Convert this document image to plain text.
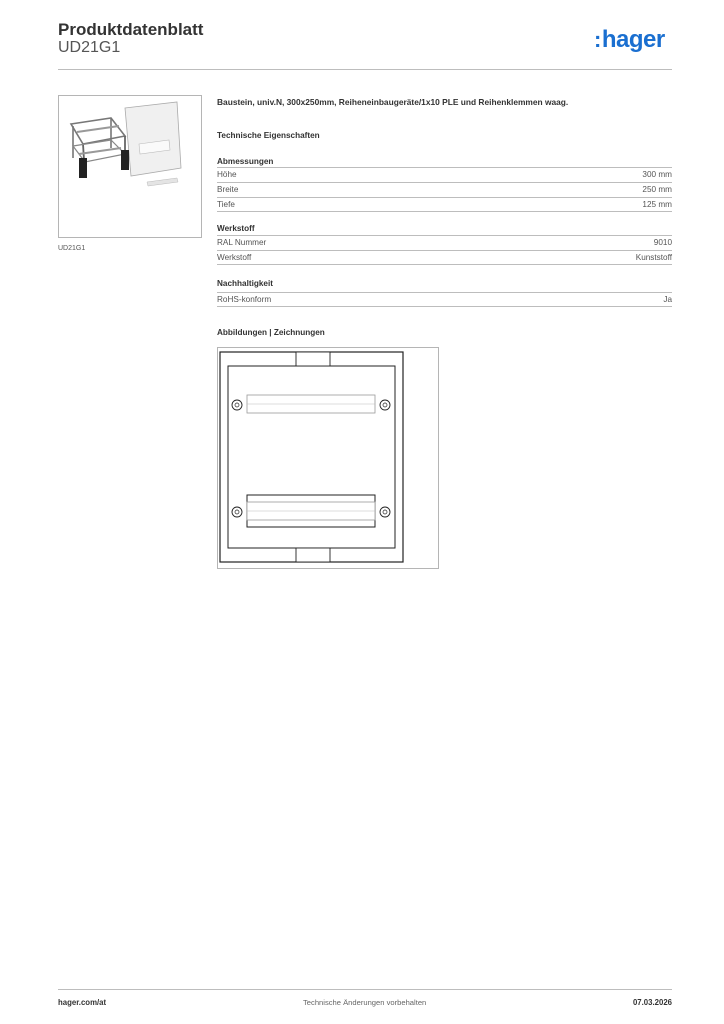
Produktdatenblatt
UD21G1	:hager
UD21G1
Baustein, univ.N, 300x250mm, Reiheneinbaugeräte/1x10 PLE und Reihenklemmen waag.
Technische Eigenschaften
Abmessungen
Höhe	300 mm
Breite	250 mm
Tiefe	125 mm
Werkstoff
RAL Nummer	9010
Werkstoff	Kunststoff
Nachhaltigkeit
RoHS-konform	Ja
Abbildungen | Zeichnungen
hager.com/at	Technische Änderungen vorbehalten	07.03.2026
